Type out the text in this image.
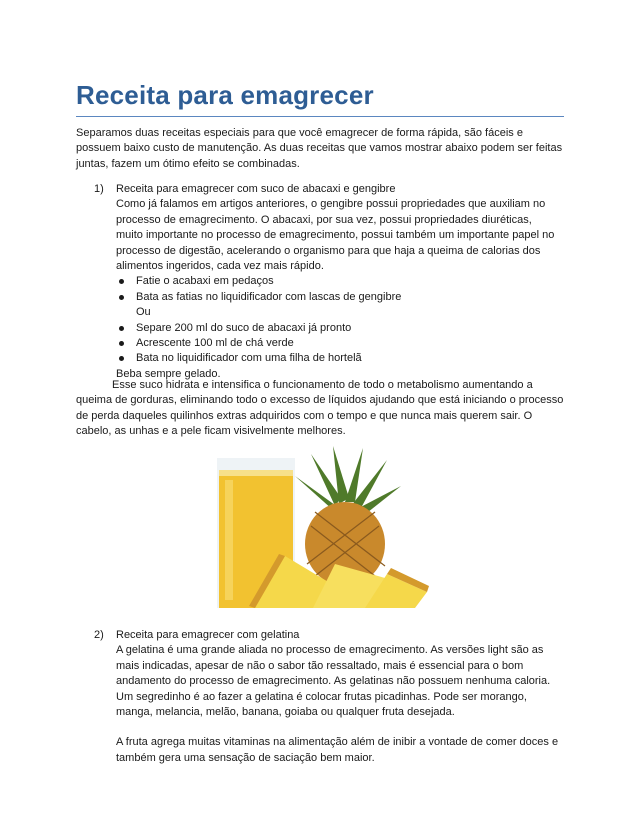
Receita para emagrecer
Separamos duas receitas especiais para que você emagrecer de forma rápida, são fáceis e possuem baixo custo de manutenção. As duas receitas que vamos mostrar abaixo podem ser feitas juntas, fazem um ótimo efeito se combinadas.
1) Receita para emagrecer com suco de abacaxi e gengibre
Como já falamos em artigos anteriores, o gengibre possui propriedades que auxiliam no processo de emagrecimento. O abacaxi, por sua vez, possui propriedades diuréticas, muito importante no processo de emagrecimento, possui também um importante papel no processo de digestão, acelerando o organismo para que haja a queima de calorias dos alimentos ingeridos, cada vez mais rápido.
Fatie o acabaxi em pedaços
Bata as fatias no liquidificador com lascas de gengibre
Ou
Separe 200 ml do suco de abacaxi já pronto
Acrescente 100 ml de chá verde
Bata no liquidificador com uma filha de hortelã
Beba sempre gelado.
Esse suco hidrata e intensifica o funcionamento de todo o metabolismo aumentando a queima de gorduras, eliminando todo o excesso de líquidos ajudando que está iniciando o processo de perda daqueles quilinhos extras adquiridos com o tempo e que nunca mais querem sair. O cabelo, as unhas e a pele ficam visivelmente melhores.
2) Receita para emagrecer com gelatina
A gelatina é uma grande aliada no processo de emagrecimento. As versões light são as mais indicadas, apesar de não o sabor tão ressaltado, mais é essencial para o bom andamento do processo de emagrecimento. As gelatinas não possuem nenhuma caloria. Um segredinho é ao fazer a gelatina é colocar frutas picadinhas. Pode ser morango, manga, melancia, melão, banana, goiaba ou qualquer fruta desejada.
A fruta agrega muitas vitaminas na alimentação além de inibir a vontade de comer doces e também gera uma sensação de saciação bem maior.
